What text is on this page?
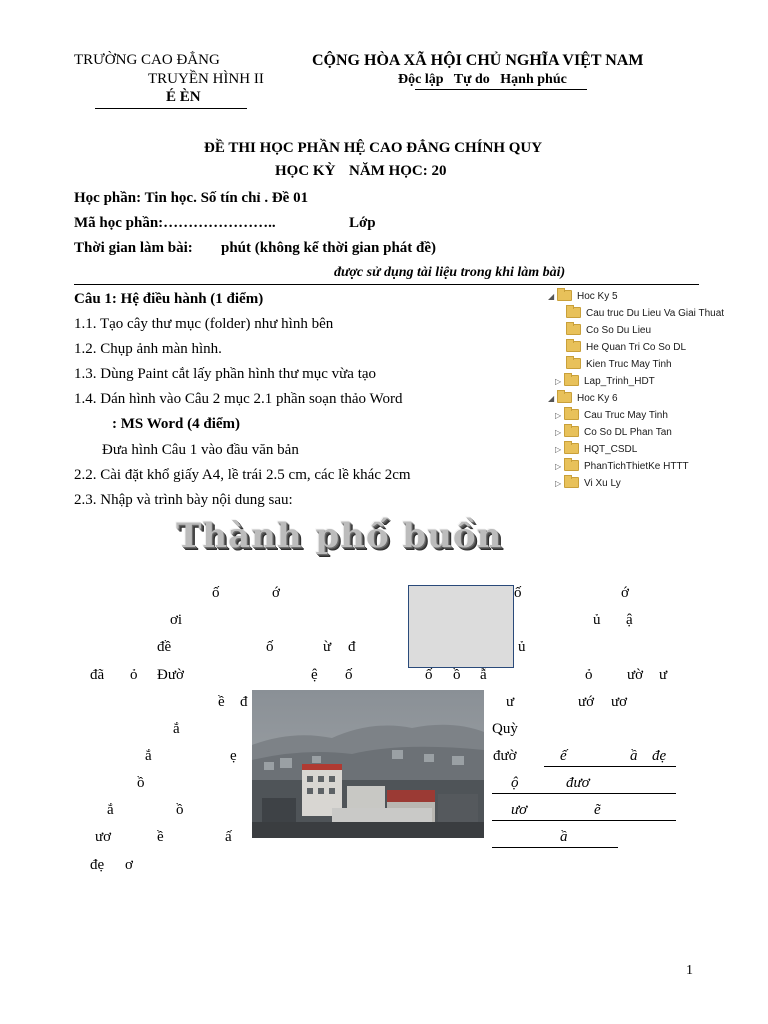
TRƯỜNG CAO ĐẲNG
TRUYỀN HÌNH II
É ÈN
CỘNG HÒA XÃ HỘI CHỦ NGHĨA VIỆT NAM
Độc lập Tự do Hạnh phúc
ĐỀ THI HỌC PHẦN HỆ CAO ĐẲNG CHÍNH QUY
HỌC KỲ NĂM HỌC: 20
Học phần: Tin học. Số tín chỉ . Đề 01
Mã học phần:…………………..	Lớp
Thời gian làm bài: phút (không kể thời gian phát đề)
được sử dụng tài liệu trong khi làm bài)
Câu 1: Hệ điều hành (1 điểm)
1.1. Tạo cây thư mục (folder) như hình bên
1.2. Chụp ảnh màn hình.
1.3. Dùng Paint cắt lấy phần hình thư mục vừa tạo
1.4. Dán hình vào Câu 2 mục 2.1 phần soạn thảo Word
: MS Word (4 điểm)
Đưa hình Câu 1 vào đầu văn bản
2.2. Cài đặt khổ giấy A4, lề trái 2.5 cm, các lề khác 2cm
2.3. Nhập và trình bày nội dung sau:
◢ Hoc Ky 5
Cau truc Du Lieu Va Giai Thuat
Co So Du Lieu
He Quan Tri Co So DL
Kien Truc May Tinh
▷ Lap_Trinh_HDT
◢ Hoc Ky 6
▷ Cau Truc May Tinh
▷ Co So DL Phan Tan
▷ HQT_CSDL
▷ PhanTichThietKe HTTT
▷ Vi Xu Ly
Thành phố buồn
ố	ớ	ố	ớ
ơi	ủ ậ
đề	ố	ừ đ	ủ
đã ỏ Đườ	ệ ố	ố ồ ẫ	ỏ ườ ư
ề đ	ư	ướ ươ
ắ	Quỳ
ắ	ẹ	đườ	ế	ầ đẹ
ồ	ộ	đươ
ắ	ồ	ươ	ẽ
ươ	ề	ấ	ầ
đẹ ơ
1
